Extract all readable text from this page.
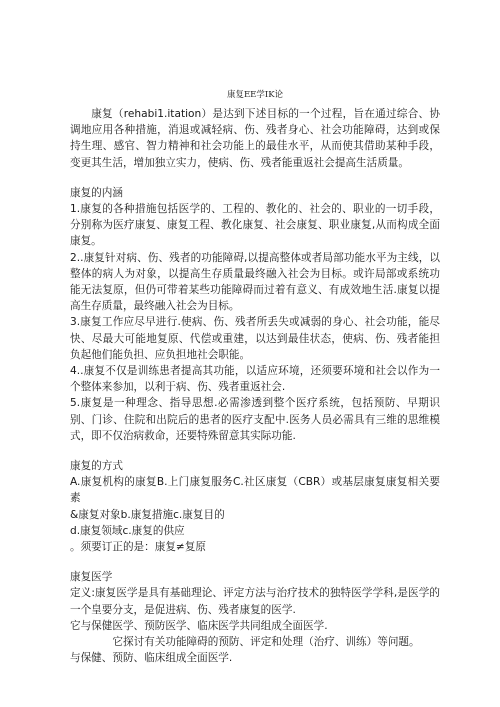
康复EE学IK论

康复（rehabi1.itation）是达到下述目标的一个过程，旨在通过综合、协调地应用各种措施，消退或减轻病、伤、残者身心、社会功能障碍，达到或保持生理、感官、智力精神和社会功能上的最佳水平，从而使其借助某种手段，变更其生活，增加独立实力，使病、伤、残者能重返社会提高生活质量。

康复的内涵

1.康复的各种措施包括医学的、工程的、教化的、社会的、职业的一切手段，分别称为医疗康复、康复工程、教化康复、社会康复、职业康复,从而构成全面康复。

2..康复针对病、伤、残者的功能障碍,以提高整体或者局部功能水平为主线，以整体的病人为对象，以提高生存质量最终融入社会为目标。或许局部或系统功能无法复原，但仍可带着某些功能障碍而过着有意义、有成效地生活.康复以提高生存质量，最终融入社会为目标。

3.康复工作应尽早进行.使病、伤、残者所丢失或减弱的身心、社会功能，能尽快、尽最大可能地复原、代偿或重建，以达到最佳状态，使病、伤、残者能担负起他们能负担、应负担地社会职能。

4..康复不仅是训练患者提高其功能，以适应环境，还须要环境和社会以作为一个整体来参加，以利于病、伤、残者重返社会.

5.康复是一种理念、指导思想.必需渗透到整个医疗系统，包括预防、早期识别、门诊、住院和出院后的患者的医疗支配中.医务人员必需具有三维的思维模式，即不仅治病救命，还要特殊留意其实际功能.

康复的方式

A.康复机构的康复B.上门康复服务C.社区康复（CBR）或基层康复康复相关要素

&康复对象b.康复措施c.康复目的

d.康复领域c.康复的供应

。须要订正的是：康复≠复原

康复医学

定义:康复医学是具有基础理论、评定方法与治疗技术的独特医学学科,是医学的一个皇要分支，是促进病、伤、残者康复的医学.

它与保健医学、预防医学、临床医学共同组成全面医学.

它探讨有关功能障碍的预防、评定和处理（治疗、训练）等问题。

与保健、预防、临床组成全面医学.
